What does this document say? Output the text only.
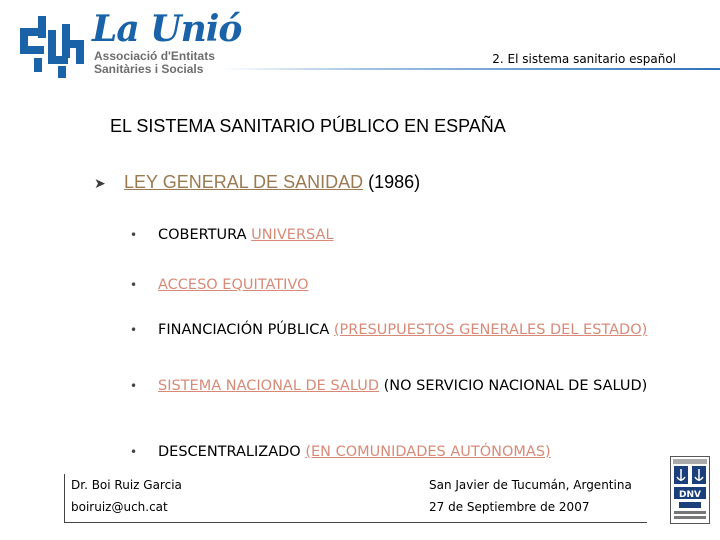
La Unió
Associació d'Entitats
Sanitàries i Socials
2. El sistema sanitario español
EL SISTEMA SANITARIO PÚBLICO EN ESPAÑA
➤ LEY GENERAL DE SANIDAD (1986)
• COBERTURA UNIVERSAL
• ACCESO EQUITATIVO
• FINANCIACIÓN PÚBLICA (PRESUPUESTOS GENERALES DEL ESTADO)
• SISTEMA NACIONAL DE SALUD (NO SERVICIO NACIONAL DE SALUD)
• DESCENTRALIZADO (EN COMUNIDADES AUTÓNOMAS)
Dr. Boi Ruiz Garcia
boiruiz@uch.cat
San Javier de Tucumán, Argentina
27 de Septiembre de 2007
DNV
